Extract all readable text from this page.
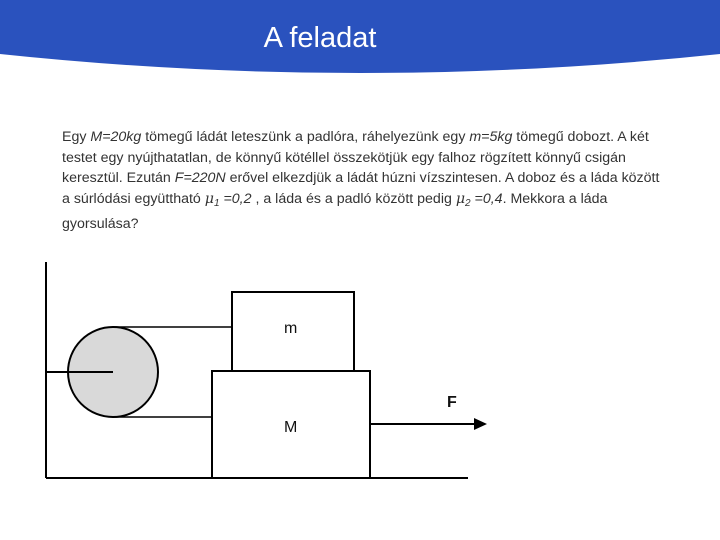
A feladat
Egy M=20kg tömegű ládát leteszünk a padlóra, ráhelyezünk egy m=5kg tömegű dobozt. A két testet egy nyújthatatlan, de könnyű kötéllel összekötjük egy falhoz rögzített könnyű csigán keresztül. Ezután F=220N erővel elkezdjük a ládát húzni vízszintesen. A doboz és a láda között a súrlódási együttható $\mu_1 =0,2$ , a láda és a padló között pedig $\mu_2 =0,4$. Mekkora a láda gyorsulása?
m
M
F
